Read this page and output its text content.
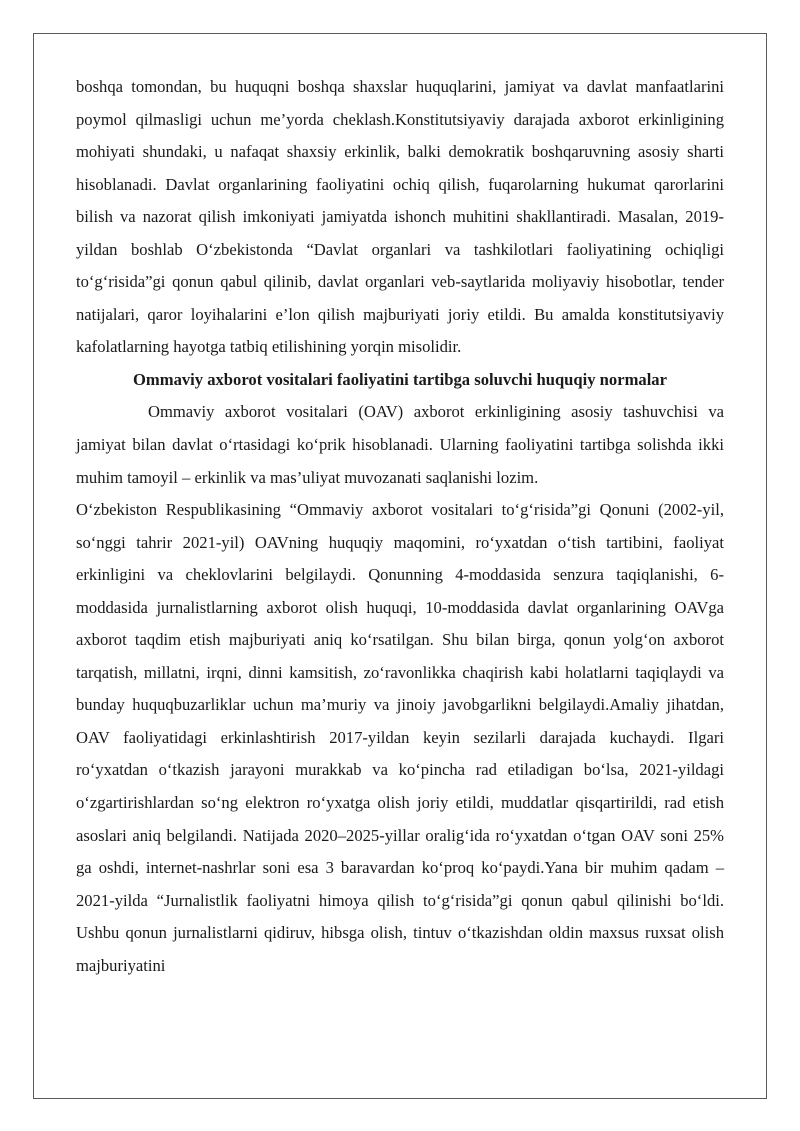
boshqa tomondan, bu huquqni boshqa shaxslar huquqlarini, jamiyat va davlat manfaatlarini poymol qilmasligi uchun me’yorda cheklash.Konstitutsiyaviy darajada axborot erkinligining mohiyati shundaki, u nafaqat shaxsiy erkinlik, balki demokratik boshqaruvning asosiy sharti hisoblanadi. Davlat organlarining faoliyatini ochiq qilish, fuqarolarning hukumat qarorlarini bilish va nazorat qilish imkoniyati jamiyatda ishonch muhitini shakllantiradi. Masalan, 2019-yildan boshlab O‘zbekistonda “Davlat organlari va tashkilotlari faoliyatining ochiqligi to‘g‘risida”gi qonun qabul qilinib, davlat organlari veb-saytlarida moliyaviy hisobotlar, tender natijalari, qaror loyihalarini e’lon qilish majburiyati joriy etildi. Bu amalda konstitutsiyaviy kafolatlarning hayotga tatbiq etilishining yorqin misolidir.

Ommaviy axborot vositalari faoliyatini tartibga soluvchi huquqiy normalar

Ommaviy axborot vositalari (OAV) axborot erkinligining asosiy tashuvchisi va jamiyat bilan davlat o‘rtasidagi ko‘prik hisoblanadi. Ularning faoliyatini tartibga solishda ikki muhim tamoyil – erkinlik va mas’uliyat muvozanati saqlanishi lozim.

O‘zbekiston Respublikasining “Ommaviy axborot vositalari to‘g‘risida”gi Qonuni (2002-yil, so‘nggi tahrir 2021-yil) OAVning huquqiy maqomini, ro‘yxatdan o‘tish tartibini, faoliyat erkinligini va cheklovlarini belgilaydi. Qonunning 4-moddasida senzura taqiqlanishi, 6-moddasida jurnalistlarning axborot olish huquqi, 10-moddasida davlat organlarining OAVga axborot taqdim etish majburiyati aniq ko‘rsatilgan. Shu bilan birga, qonun yolg‘on axborot tarqatish, millatni, irqni, dinni kamsitish, zo‘ravonlikka chaqirish kabi holatlarni taqiqlaydi va bunday huquqbuzarliklar uchun ma’muriy va jinoiy javobgarlikni belgilaydi.Amaliy jihatdan, OAV faoliyatidagi erkinlashtirish 2017-yildan keyin sezilarli darajada kuchaydi. Ilgari ro‘yxatdan o‘tkazish jarayoni murakkab va ko‘pincha rad etiladigan bo‘lsa, 2021-yildagi o‘zgartirishlardan so‘ng elektron ro‘yxatga olish joriy etildi, muddatlar qisqartirildi, rad etish asoslari aniq belgilandi. Natijada 2020–2025-yillar oralig‘ida ro‘yxatdan o‘tgan OAV soni 25% ga oshdi, internet-nashrlar soni esa 3 baravardan ko‘proq ko‘paydi.Yana bir muhim qadam – 2021-yilda “Jurnalistlik faoliyatni himoya qilish to‘g‘risida”gi qonun qabul qilinishi bo‘ldi. Ushbu qonun jurnalistlarni qidiruv, hibsga olish, tintuv o‘tkazishdan oldin maxsus ruxsat olish majburiyatini
